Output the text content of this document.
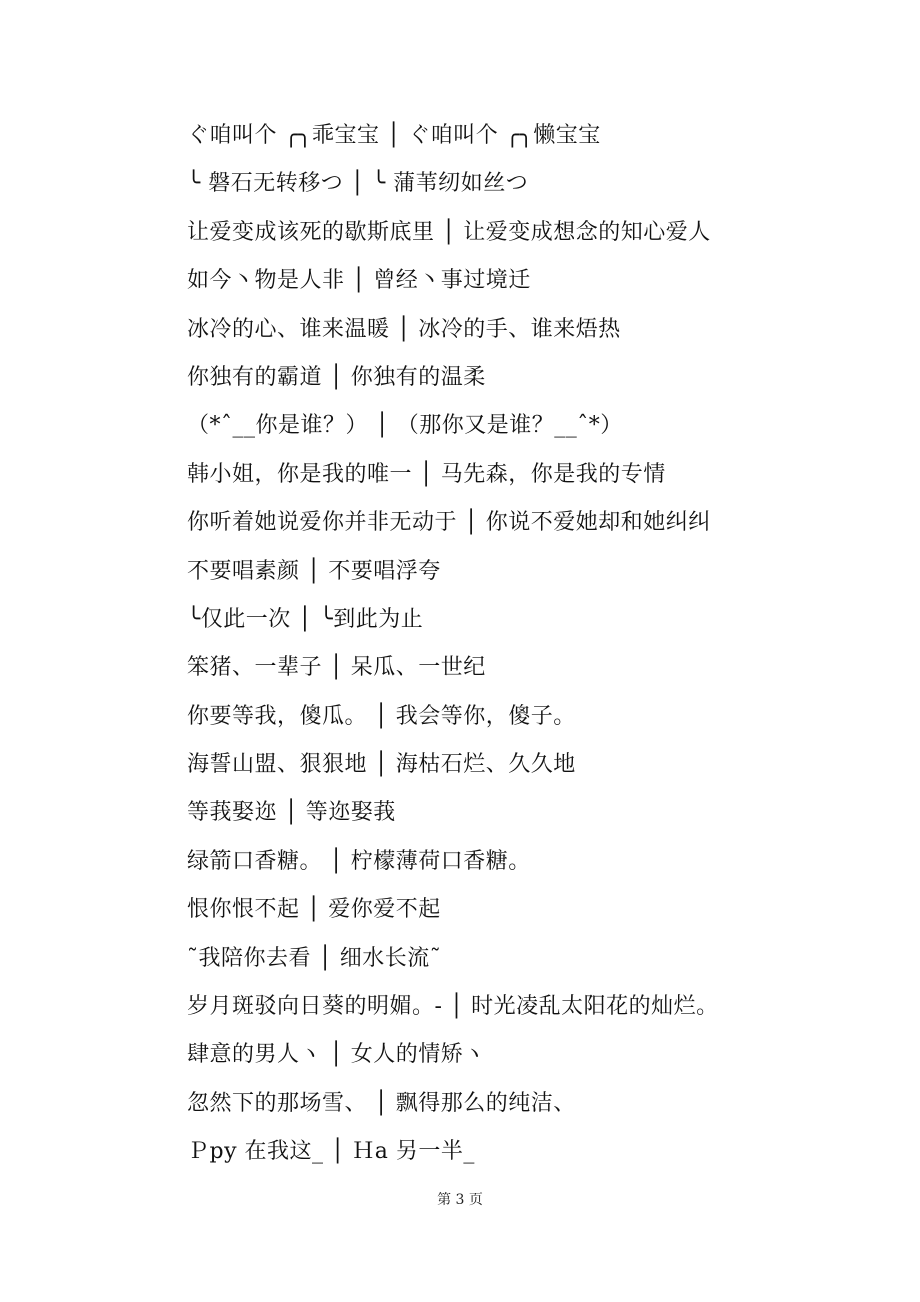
ぐ咱叫个 ╭╮乖宝宝 │ ぐ咱叫个 ╭╮懒宝宝
╰ 磐石无转移つ │ ╰ 蒲苇纫如丝つ
让爱变成该死的歇斯底里 │ 让爱变成想念的知心爱人
如今丶物是人非 │ 曾经丶事过境迁
冰冷的心、谁来温暖 │ 冰冷的手、谁来焐热
你独有的霸道 │ 你独有的温柔
（*ˆ__你是谁？） │ （那你又是谁？__ˆ*）
韩小姐，你是我的唯一 │ 马先森，你是我的专情
你听着她说爱你并非无动于 │ 你说不爱她却和她纠纠
不要唱素颜 │ 不要唱浮夸
╰仅此一次 │ ╰到此为止
笨猪、一辈子 │ 呆瓜、一世纪
你要等我，傻瓜。 │ 我会等你，傻子。
海誓山盟、狠狠地 │ 海枯石烂、久久地
等莪娶迩 │ 等迩娶莪
绿箭口香糖。 │ 柠檬薄荷口香糖。
恨你恨不起 │ 爱你爱不起
˜我陪你去看 │ 细水长流˜
岁月斑驳向日葵的明媚。- │ 时光凌乱太阳花的灿烂。
肆意的男人ヽ │ 女人的情矫ヽ
忽然下的那场雪、 │ 飘得那么的纯洁、
Ｐpy 在我这_ │ Ｈa 另一半_
第 3 页
